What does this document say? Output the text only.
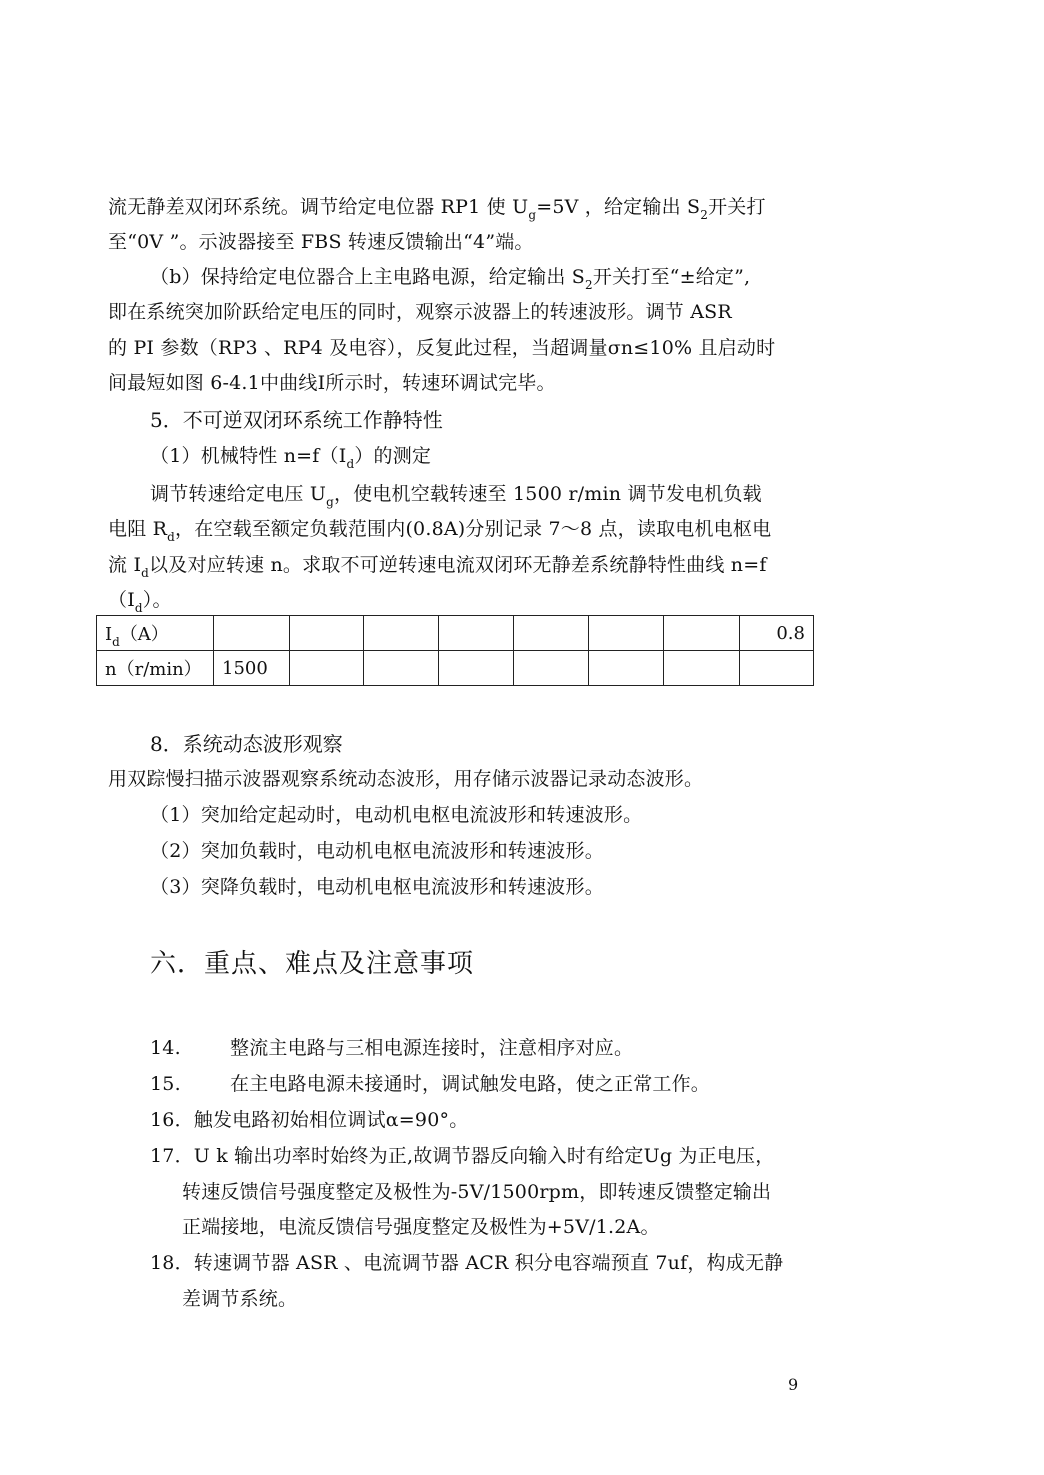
流无静差双闭环系统。调节给定电位器 RP1 使 $U_g=5V$ ，给定输出 $S_2$开关打
至“0V ”。示波器接至 FBS 转速反馈输出“4”端。
（b）保持给定电位器合上主电路电源，给定输出 $S_2$开关打至“±给定”,
即在系统突加阶跃给定电压的同时，观察示波器上的转速波形。调节 ASR
的 PI 参数（RP3 、RP4 及电容），反复此过程，当超调量σn≤10% 且启动时
间最短如图 6-4.1中曲线Ⅰ所示时，转速环调试完毕。
5．不可逆双闭环系统工作静特性
（1）机械特性 $n=f(I_d)$的测定
调节转速给定电压 $U_g$，使电机空载转速至 1500 r/min 调节发电机负载
电阻 $R_d$，在空载至额定负载范围内(0.8A)分别记录 7～8 点，读取电机电枢电
流 $I_d$以及对应转速 n。求取不可逆转速电流双闭环无静差系统静特性曲线 n=f
$(I_d)$。
$I_d(A)$								0.8
n（r/min）	1500							
8．系统动态波形观察
用双踪慢扫描示波器观察系统动态波形，用存储示波器记录动态波形。
（1）突加给定起动时，电动机电枢电流波形和转速波形。
（2）突加负载时，电动机电枢电流波形和转速波形。
（3）突降负载时，电动机电枢电流波形和转速波形。
六．重点、难点及注意事项
14.	整流主电路与三相电源连接时，注意相序对应。
15.	在主电路电源未接通时，调试触发电路，使之正常工作。
16．触发电路初始相位调试α=90°。
17．U k 输出功率时始终为正,故调节器反向输入时有给定Ug 为正电压，
转速反馈信号强度整定及极性为-5V/1500rpm，即转速反馈整定输出
正端接地，电流反馈信号强度整定及极性为+5V/1.2A。
18．转速调节器 ASR 、电流调节器 ACR 积分电容端预直 7uf，构成无静
差调节系统。
9
